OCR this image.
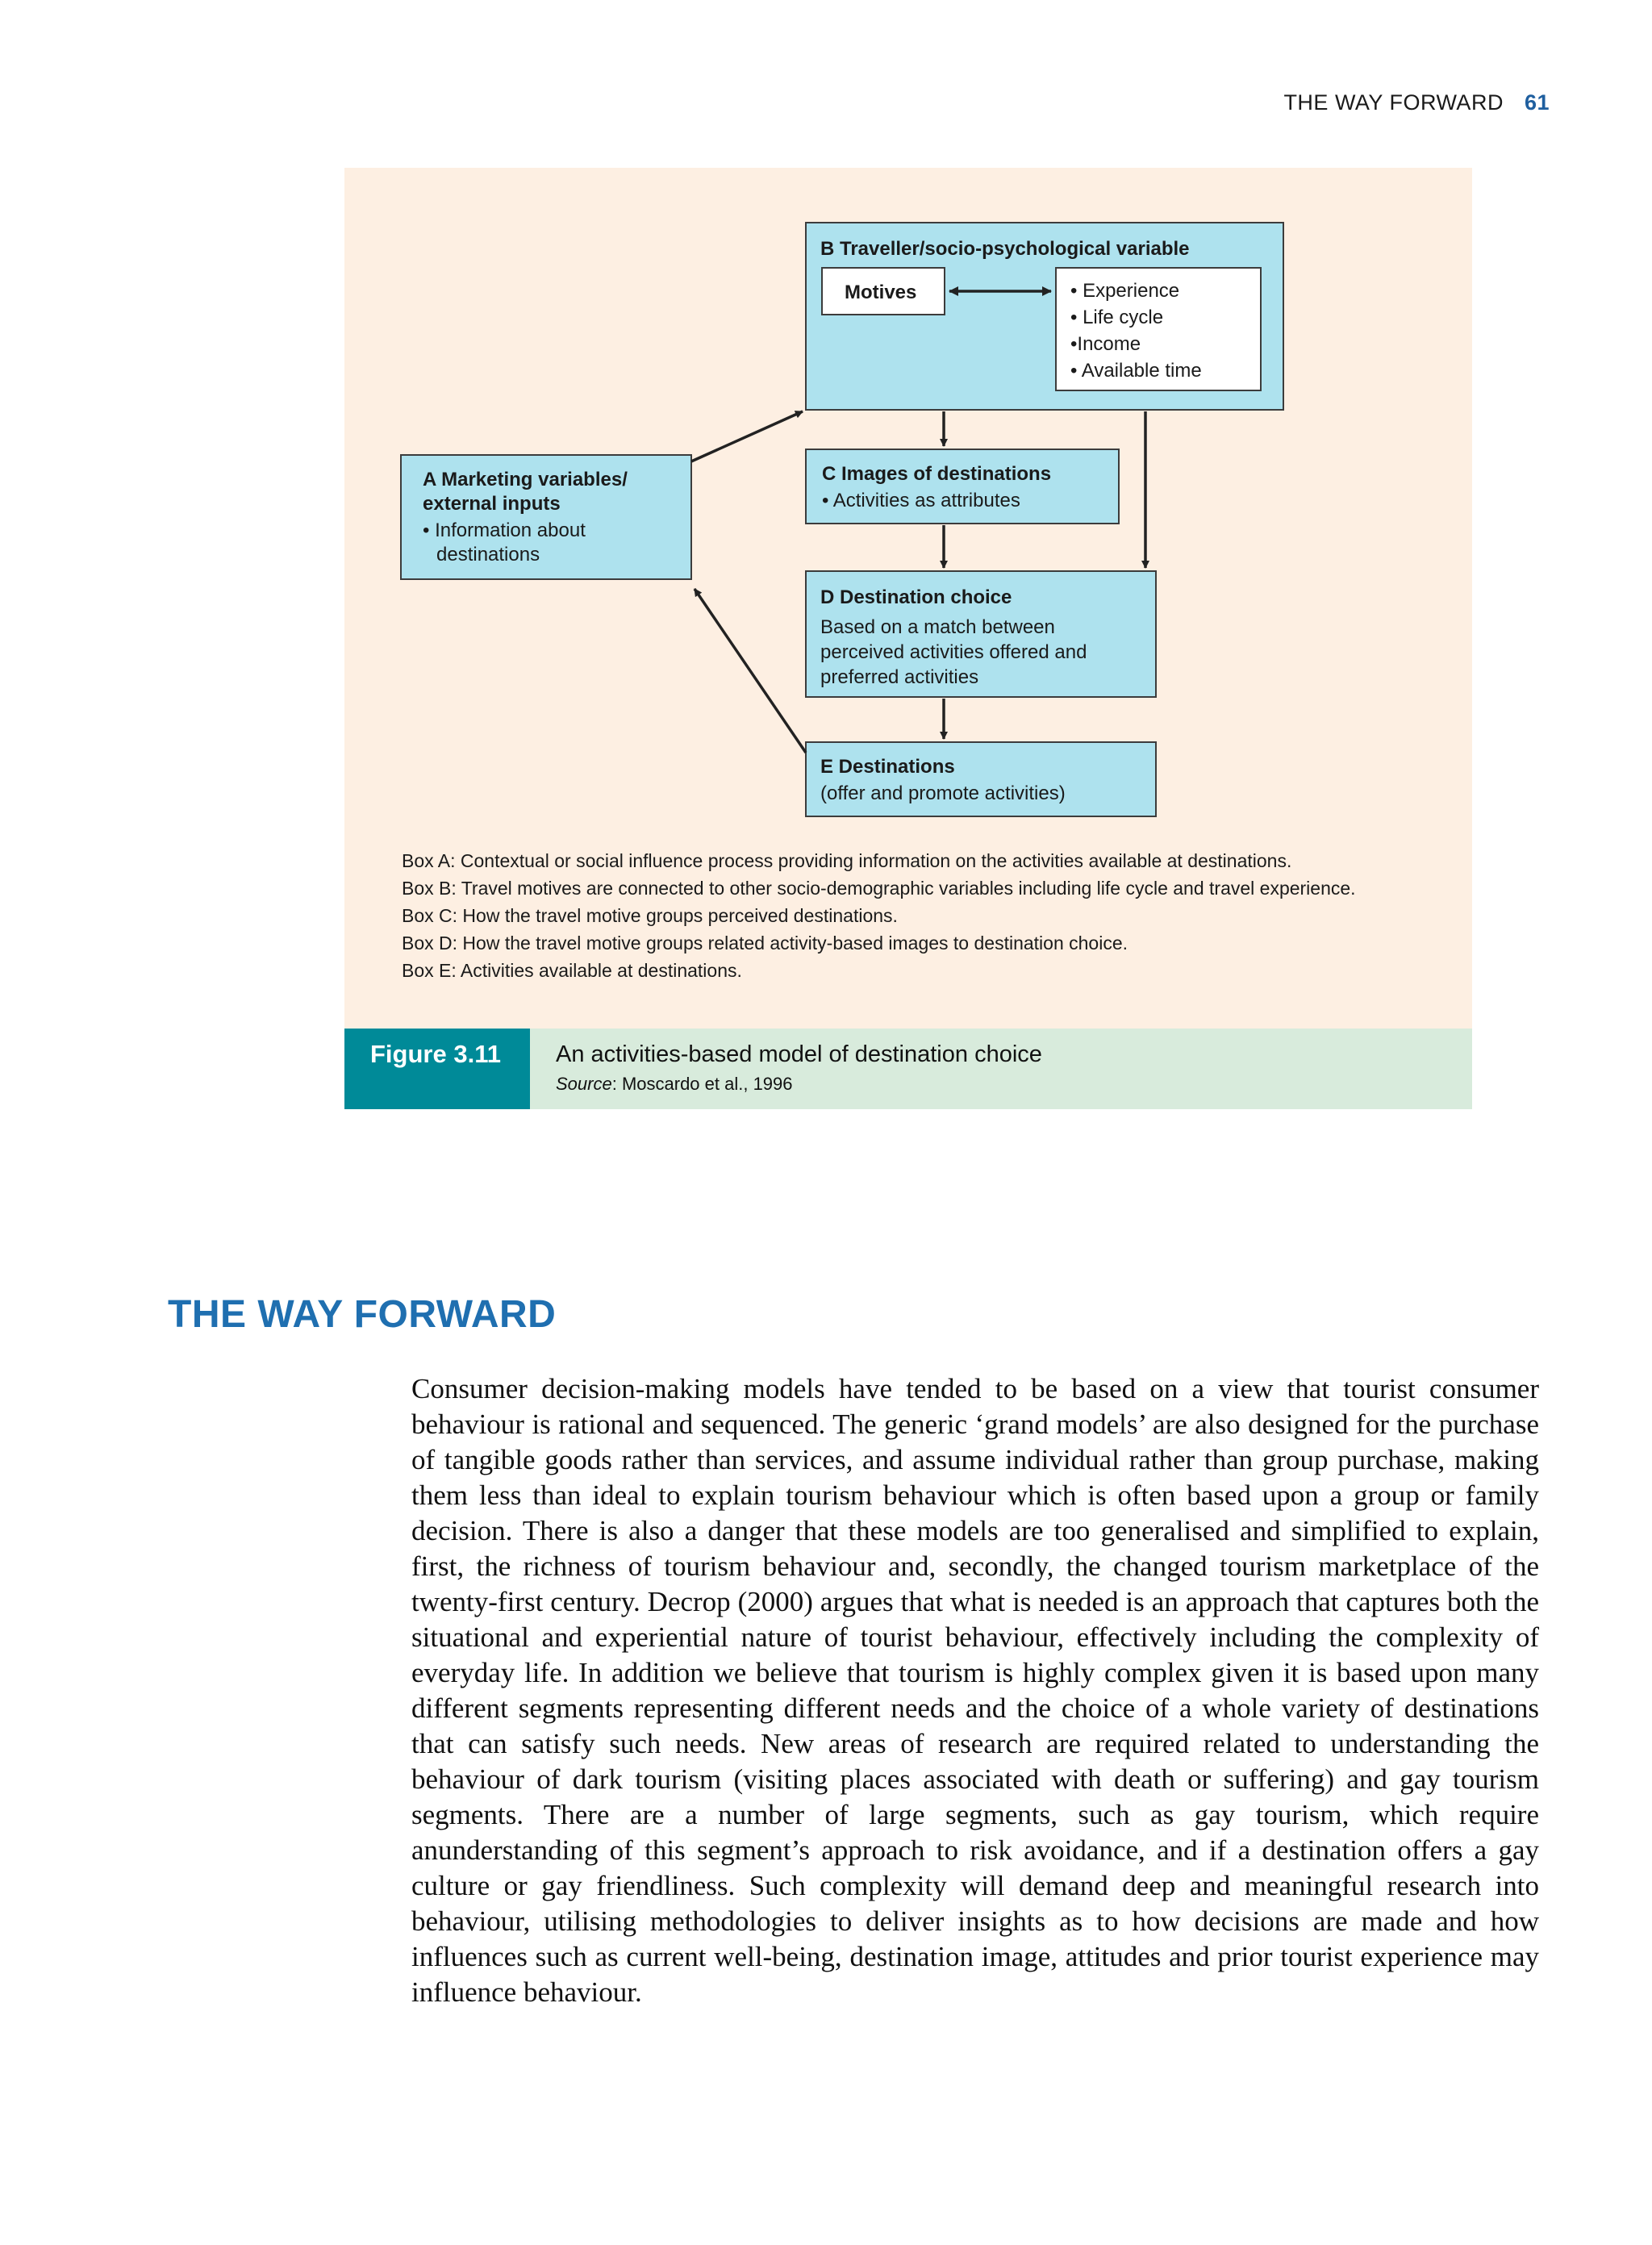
THE WAY FORWARD 61
B Traveller/socio-psychological variable
Motives	• Experience
• Life cycle
•Income
• Available time
A Marketing variables/
external inputs
• Information about
destinations
C Images of destinations
• Activities as attributes
D Destination choice
Based on a match between
perceived activities offered and
preferred activities
E Destinations
(offer and promote activities)
Box A: Contextual or social influence process providing information on the activities available at destinations.
Box B: Travel motives are connected to other socio-demographic variables including life cycle and travel experience.
Box C: How the travel motive groups perceived destinations.
Box D: How the travel motive groups related activity-based images to destination choice.
Box E: Activities available at destinations.
Figure 3.11 An activities-based model of destination choice
Source: Moscardo et al., 1996
THE WAY FORWARD
Consumer decision-making models have tended to be based on a view that tourist consumer behaviour is rational and sequenced. The generic ‘grand models’ are also designed for the purchase of tangible goods rather than services, and assume individual rather than group purchase, making them less than ideal to explain tourism behaviour which is often based upon a group or family decision. There is also a danger that these models are too generalised and simplified to explain, first, the richness of tourism behaviour and, secondly, the changed tourism marketplace of the twenty-first century. Decrop (2000) argues that what is needed is an approach that captures both the situational and experiential nature of tourist behaviour, effectively including the complexity of everyday life. In addition we believe that tourism is highly complex given it is based upon many different segments representing different needs and the choice of a whole variety of destinations that can satisfy such needs. New areas of research are required related to understanding the behaviour of dark tourism (visiting places associated with death or suffering) and gay tourism segments. There are a number of large segments, such as gay tourism, which require anunderstanding of this segment’s approach to risk avoidance, and if a destination offers a gay culture or gay friendliness. Such complexity will demand deep and meaningful research into behaviour, utilising methodologies to deliver insights as to how decisions are made and how influences such as current well-being, destination image, attitudes and prior tourist experience may influence behaviour.
